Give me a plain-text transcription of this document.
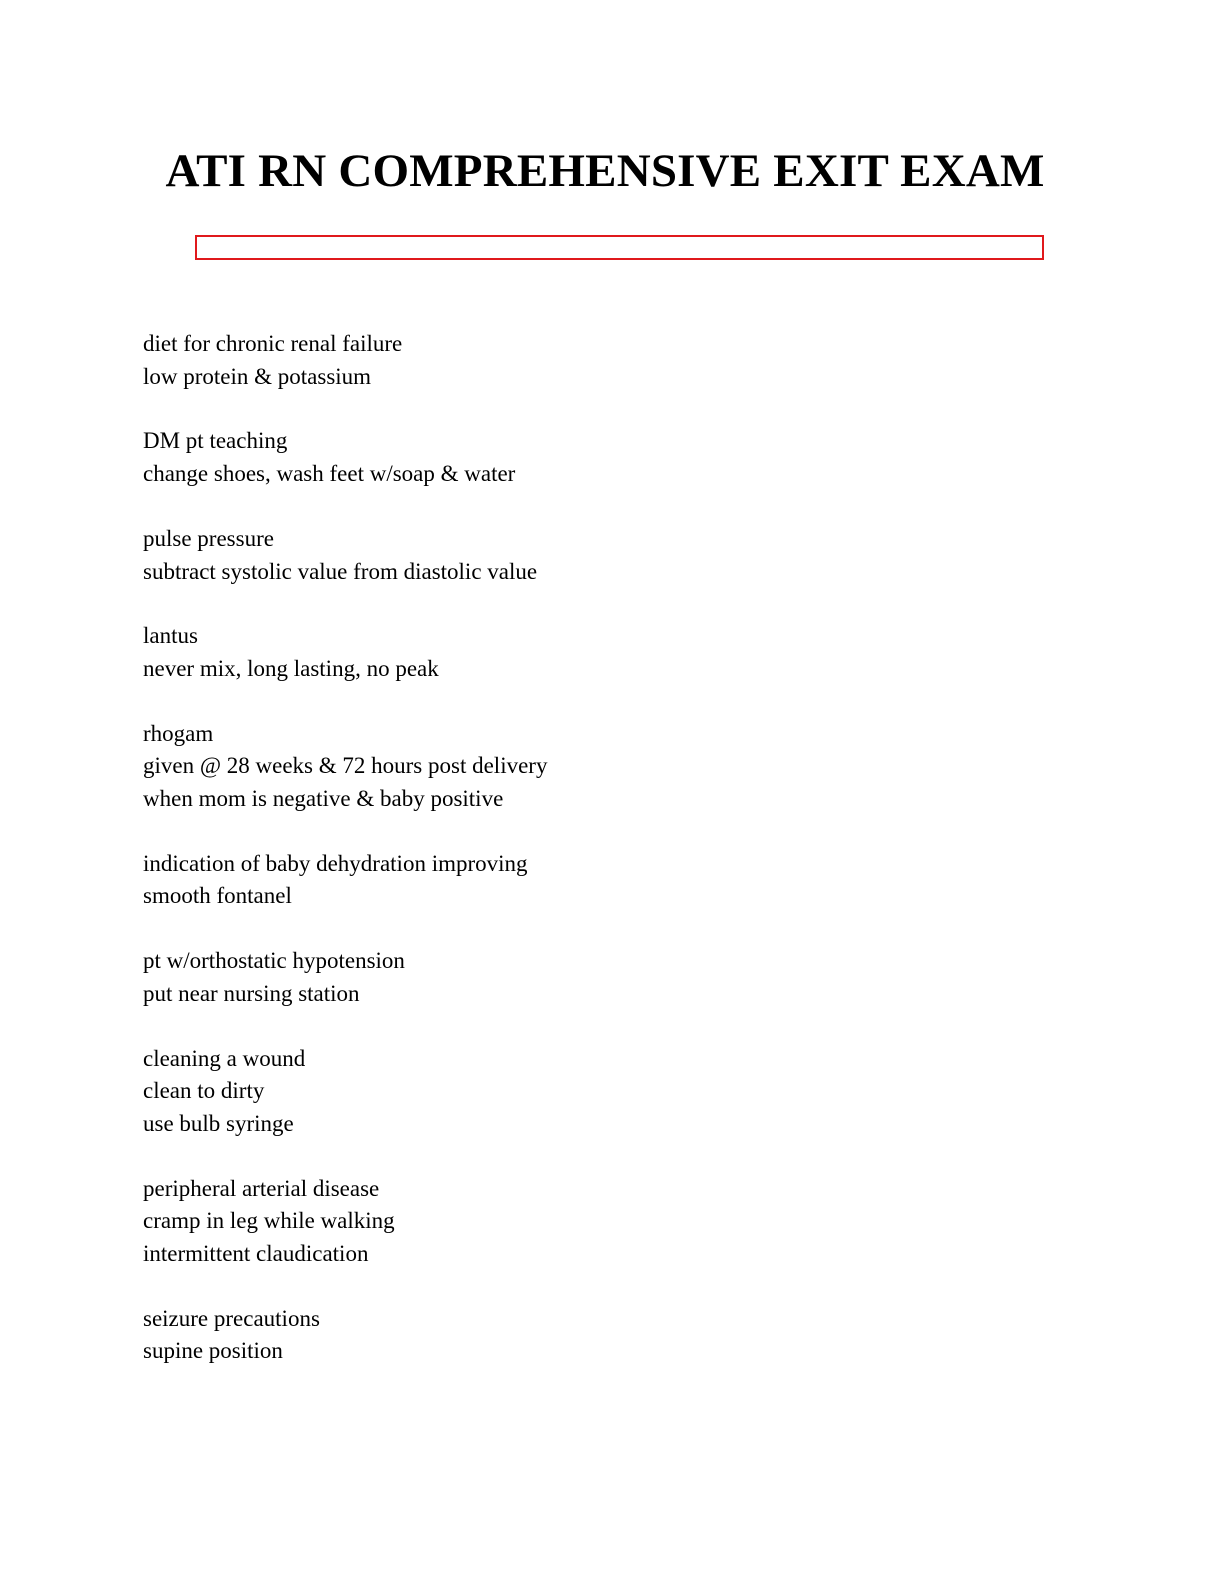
ATI RN COMPREHENSIVE EXIT EXAM
diet for chronic renal failure
low protein & potassium
DM pt teaching
change shoes, wash feet w/soap & water
pulse pressure
subtract systolic value from diastolic value
lantus
never mix, long lasting, no peak
rhogam
given @ 28 weeks & 72 hours post delivery
when mom is negative & baby positive
indication of baby dehydration improving
smooth fontanel
pt w/orthostatic hypotension
put near nursing station
cleaning a wound
clean to dirty
use bulb syringe
peripheral arterial disease
cramp in leg while walking
intermittent claudication
seizure precautions
supine position
